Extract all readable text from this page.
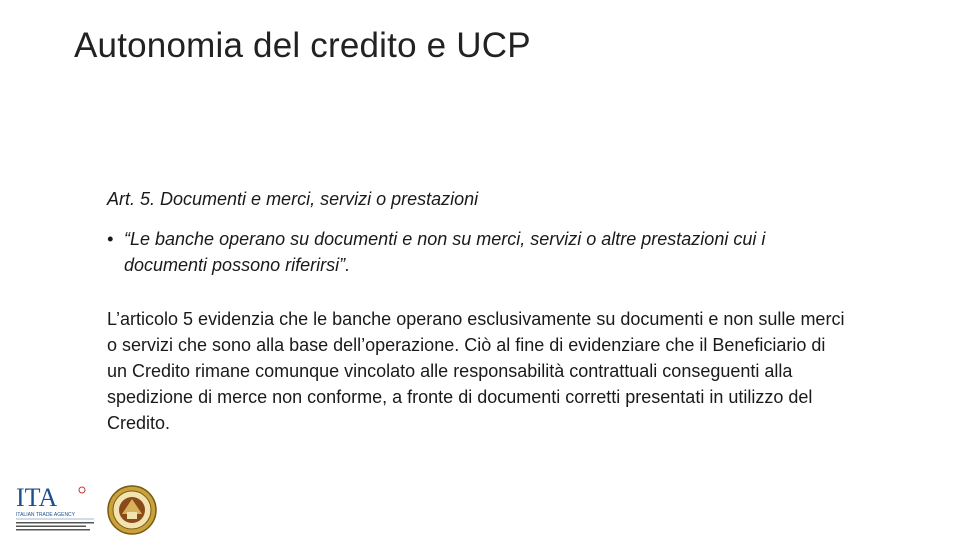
Autonomia del credito e UCP

Art. 5. Documenti e merci, servizi o prestazioni

• “Le banche operano su documenti e non su merci, servizi o altre prestazioni cui i documenti possono riferirsi”.

L’articolo 5 evidenzia che le banche operano esclusivamente su documenti e non sulle merci o servizi che sono alla base dell’operazione. Ciò al fine di evidenziare che il Beneficiario di un Credito rimane comunque vincolato alle responsabilità contrattuali conseguenti alla spedizione di merce non conforme, a fronte di documenti corretti presentati in utilizzo del Credito.

ITA
ITALIAN TRADE AGENCY
